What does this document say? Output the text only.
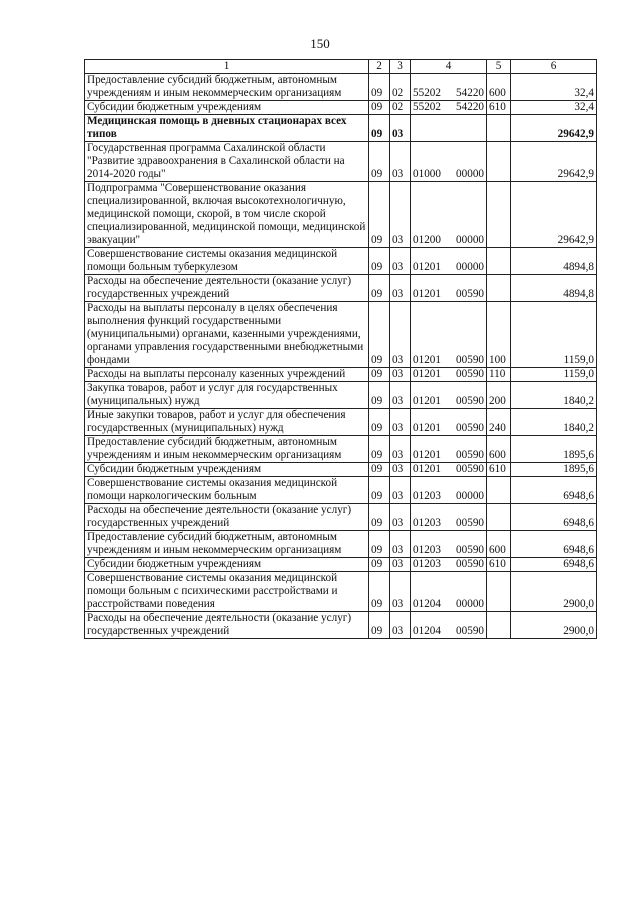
150
1	2	3	4	5	6
Предоставление субсидий бюджетным, автономным учреждениям и иным некоммерческим организациям	09	02	55202 54220	600	32,4
Субсидии бюджетным учреждениям	09	02	55202 54220	610	32,4
Медицинская помощь в дневных стационарах всех типов	09	03			29642,9
Государственная программа Сахалинской области "Развитие здравоохранения в Сахалинской области на 2014-2020 годы"	09	03	01000 00000		29642,9
Подпрограмма "Совершенствование оказания специализированной, включая высокотехнологичную, медицинской помощи, скорой, в том числе скорой специализированной, медицинской помощи, медицинской эвакуации"	09	03	01200 00000		29642,9
Совершенствование системы оказания медицинской помощи больным туберкулезом	09	03	01201 00000		4894,8
Расходы на обеспечение деятельности (оказание услуг) государственных учреждений	09	03	01201 00590		4894,8
Расходы на выплаты персоналу в целях обеспечения выполнения функций государственными (муниципальными) органами, казенными учреждениями, органами управления государственными внебюджетными фондами	09	03	01201 00590	100	1159,0
Расходы на выплаты персоналу казенных учреждений	09	03	01201 00590	110	1159,0
Закупка товаров, работ и услуг для государственных (муниципальных) нужд	09	03	01201 00590	200	1840,2
Иные закупки товаров, работ и услуг для обеспечения государственных (муниципальных) нужд	09	03	01201 00590	240	1840,2
Предоставление субсидий бюджетным, автономным учреждениям и иным некоммерческим организациям	09	03	01201 00590	600	1895,6
Субсидии бюджетным учреждениям	09	03	01201 00590	610	1895,6
Совершенствование системы оказания медицинской помощи наркологическим больным	09	03	01203 00000		6948,6
Расходы на обеспечение деятельности (оказание услуг) государственных учреждений	09	03	01203 00590		6948,6
Предоставление субсидий бюджетным, автономным учреждениям и иным некоммерческим организациям	09	03	01203 00590	600	6948,6
Субсидии бюджетным учреждениям	09	03	01203 00590	610	6948,6
Совершенствование системы оказания медицинской помощи больным с психическими расстройствами и расстройствами поведения	09	03	01204 00000		2900,0
Расходы на обеспечение деятельности (оказание услуг) государственных учреждений	09	03	01204 00590		2900,0
